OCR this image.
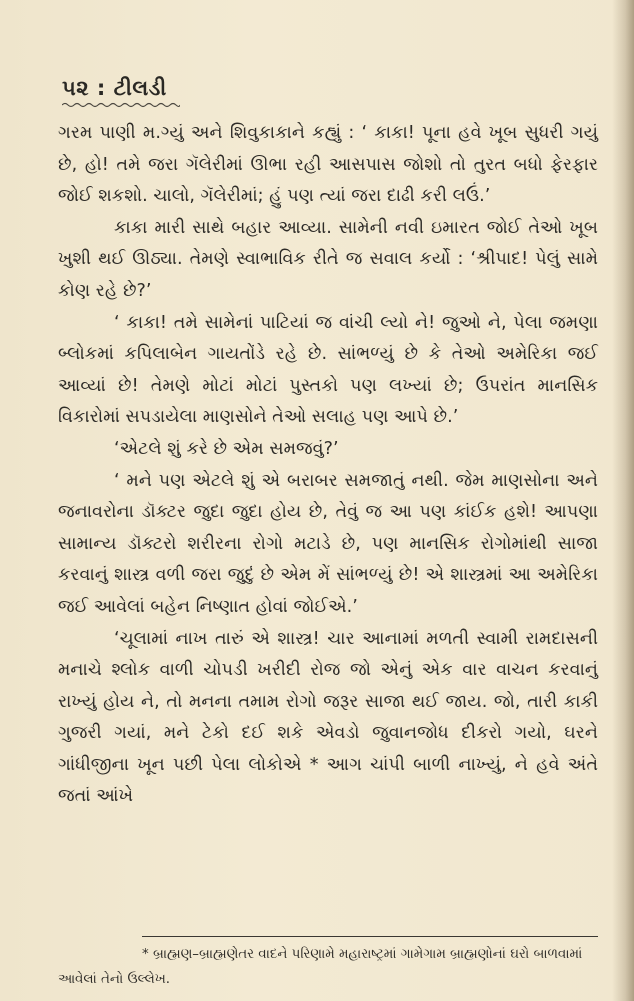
૫૨ : ટીલડી

ગરમ પાણી મ.ગ્યું અને શિવુકાકાને કહ્યું : ‘ કાકા! પૂના હવે ખૂબ સુધરી ગયું છે, હો! તમે જરા ગૅલેરીમાં ઊભા રહી આસપાસ જોશો તો તુરત બધો ફેરફાર જોઈ શકશો. ચાલો, ગૅલેરીમાં; હું પણ ત્યાં જરા દાઢી કરી લઉં.’

કાકા મારી સાથે બહાર આવ્યા. સામેની નવી ઇમારત જોઈ તેઓ ખૂબ ખુશી થઈ ઊઠ્યા. તેમણે સ્વાભાવિક રીતે જ સવાલ કર્યો : ‘શ્રીપાદ! પેલું સામે કોણ રહે છે?’

‘ કાકા! તમે સામેનાં પાટિયાં જ વાંચી લ્યો ને! જુઓ ને, પેલા જમણા બ્લોકમાં કપિલાબેન ગાયતોંડે રહે છે. સાંભળ્યું છે કે તેઓ અમેરિકા જઈ આવ્યાં છે! તેમણે મોટાં મોટાં પુસ્તકો પણ લખ્યાં છે; ઉપરાંત માનસિક વિકારોમાં સપડાયેલા માણસોને તેઓ સલાહ પણ આપે છે.’

‘એટલે શું કરે છે એમ સમજવું?’

‘ મને પણ એટલે શું એ બરાબર સમજાતું નથી. જેમ માણસોના અને જનાવરોના ડૉક્ટર જુદા જુદા હોય છે, તેવું જ આ પણ કાંઈક હશે! આપણા સામાન્ય ડૉક્ટરો શરીરના રોગો મટાડે છે, પણ માનસિક રોગોમાંથી સાજા કરવાનું શાસ્ત્ર વળી જરા જુદું છે એમ મેં સાંભળ્યું છે! એ શાસ્ત્રમાં આ અમેરિકા જઈ આવેલાં બહેન નિષ્ણાત હોવાં જોઈએ.’

‘ચૂલામાં નાખ તારું એ શાસ્ત્ર! ચાર આનામાં મળતી સ્વામી રામદાસની મનાચે શ્લોક વાળી ચોપડી ખરીદી રોજ જો એનું એક વાર વાચન કરવાનું રાખ્યું હોય ને, તો મનના તમામ રોગો જરૂર સાજા થઈ જાય. જો, તારી કાકી ગુજરી ગયાં, મને ટેકો દઈ શકે એવડો જુવાનજોધ દીકરો ગયો, ઘરને ગાંધીજીના ખૂન પછી પેલા લોકોએ * આગ ચાંપી બાળી નાખ્યું, ને હવે અંતે જતાં આંખે

* બ્રાહ્મણ–બ્રાહ્મણેતર વાદને પરિણામે મહારાષ્ટ્રમાં ગામેગામ બ્રાહ્મણોનાં ઘરો બાળવામાં આવેલાં તેનો ઉલ્લેખ.
